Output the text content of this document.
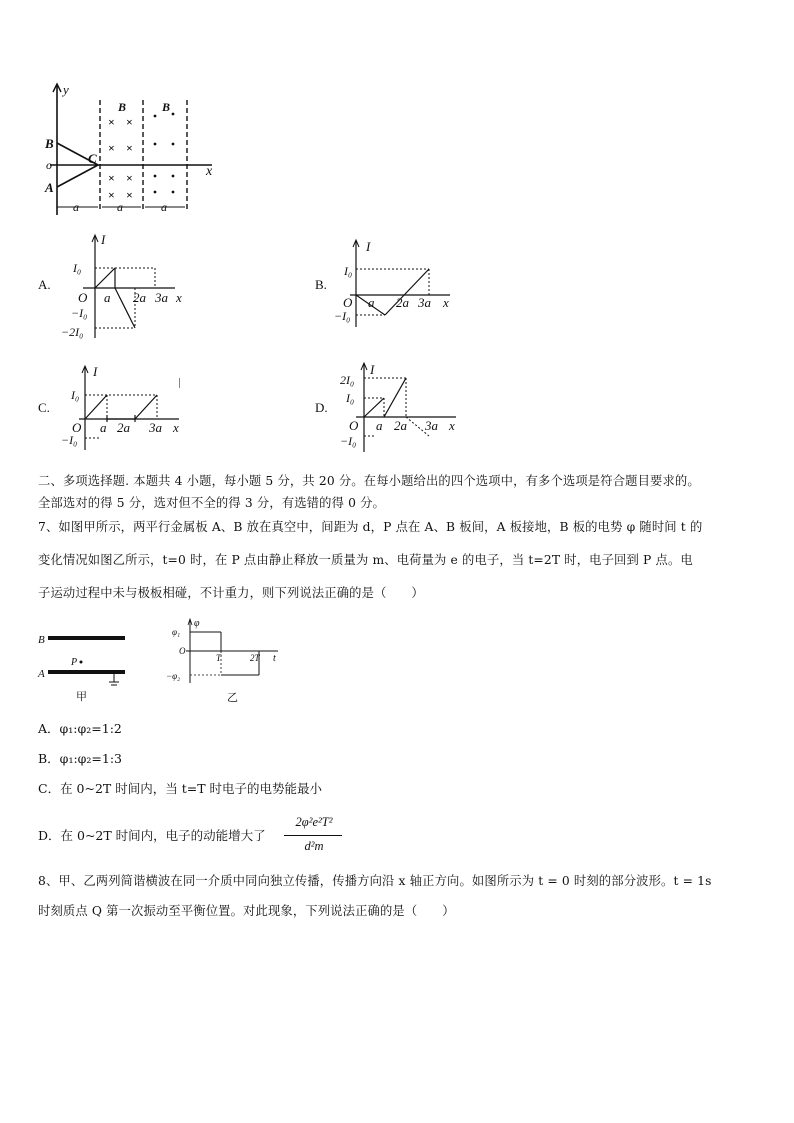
y
x
o
B
A
C
B	B
× ×
× ×
× ×
× ×
a	a	a
A.
I
x
O
I₀
−I₀
−2I₀
a 2a 3a
B.
I
x
O
I₀
−I₀
a 2a 3a
C.
I
x
O
I₀
−I₀
a 2a 3a
D.
I
x
O
2I₀
I₀
−I₀
a 2a 3a
二、多项选择题. 本题共 4 小题，每小题 5 分，共 20 分。在每小题给出的四个选项中，有多个选项是符合题目要求的。
全部选对的得 5 分，选对但不全的得 3 分，有选错的得 0 分。
7、如图甲所示，两平行金属板 A、B 放在真空中，间距为 d，P 点在 A、B 板间，A 板接地，B 板的电势 φ 随时间 t 的
变化情况如图乙所示，t=0 时，在 P 点由静止释放一质量为 m、电荷量为 e 的电子，当 t=2T 时，电子回到 P 点。电
子运动过程中未与极板相碰，不计重力，则下列说法正确的是（　　）
B
A
P
甲
φ
t
O
φ₁
−φ₂
T	2T
乙
A．φ₁:φ₂=1:2
B．φ₁:φ₂=1:3
C．在 0~2T 时间内，当 t=T 时电子的电势能最小
D．在 0~2T 时间内，电子的动能增大了
2φ²e²T²
d²m
8、甲、乙两列简谐横波在同一介质中同向独立传播，传播方向沿 x 轴正方向。如图所示为 t = 0 时刻的部分波形。t = 1s
时刻质点 Q 第一次振动至平衡位置。对此现象，下列说法正确的是（　　）
